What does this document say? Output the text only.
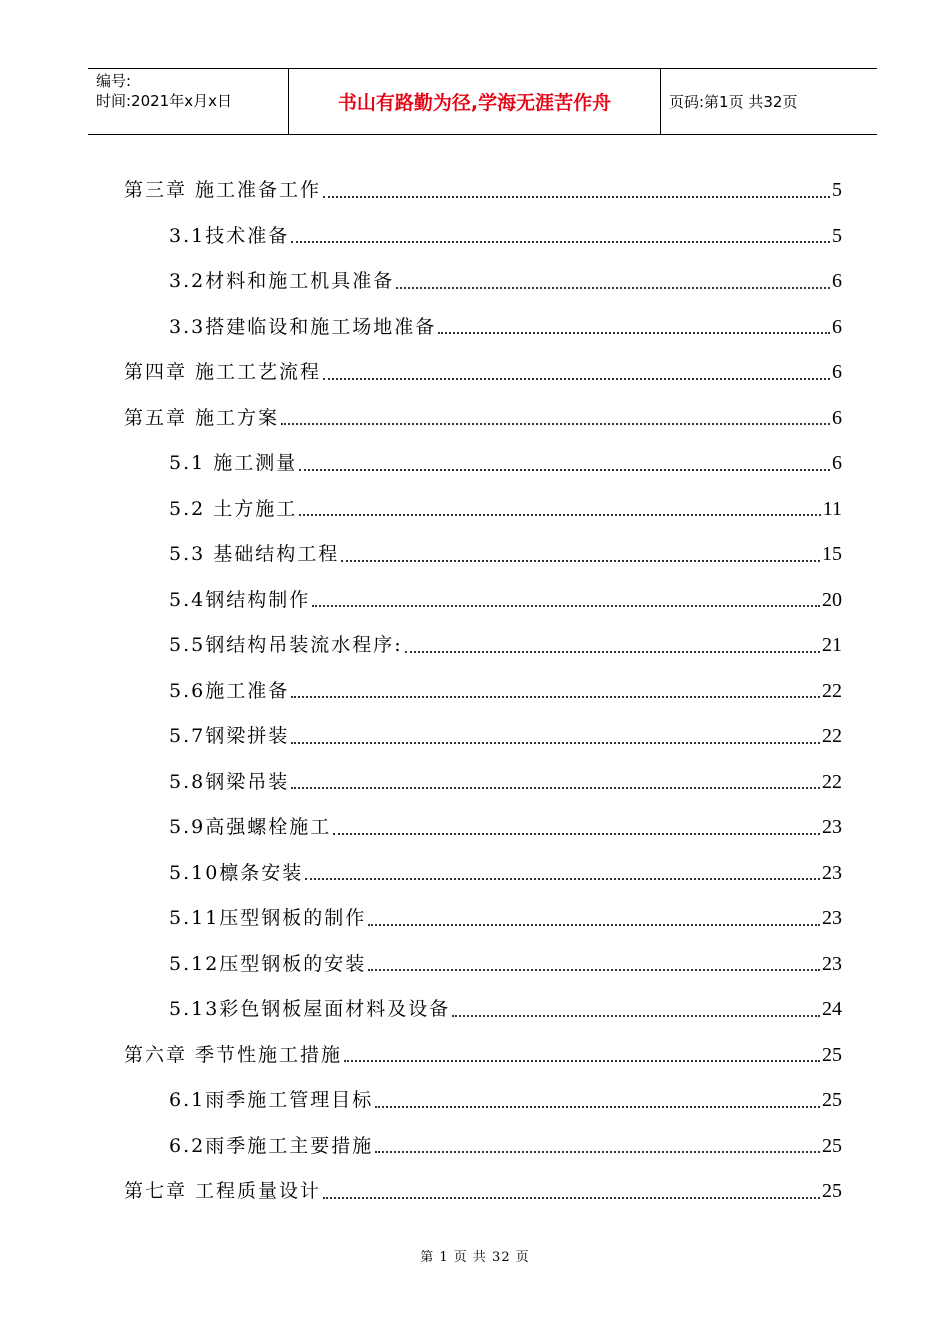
编号:
时间:2021年x月x日	书山有路勤为径,学海无涯苦作舟	页码:第1页 共32页
第三章 施工准备工作	5
3.1技术准备	5
3.2材料和施工机具准备	6
3.3搭建临设和施工场地准备	6
第四章 施工工艺流程	6
第五章 施工方案	6
5.1 施工测量	6
5.2 土方施工	11
5.3 基础结构工程	15
5.4钢结构制作	20
5.5钢结构吊装流水程序:	21
5.6施工准备	22
5.7钢梁拼装	22
5.8钢梁吊装	22
5.9高强螺栓施工	23
5.10檩条安装	23
5.11压型钢板的制作	23
5.12压型钢板的安装	23
5.13彩色钢板屋面材料及设备	24
第六章 季节性施工措施	25
6.1雨季施工管理目标	25
6.2雨季施工主要措施	25
第七章 工程质量设计	25
第 1 页 共 32 页
